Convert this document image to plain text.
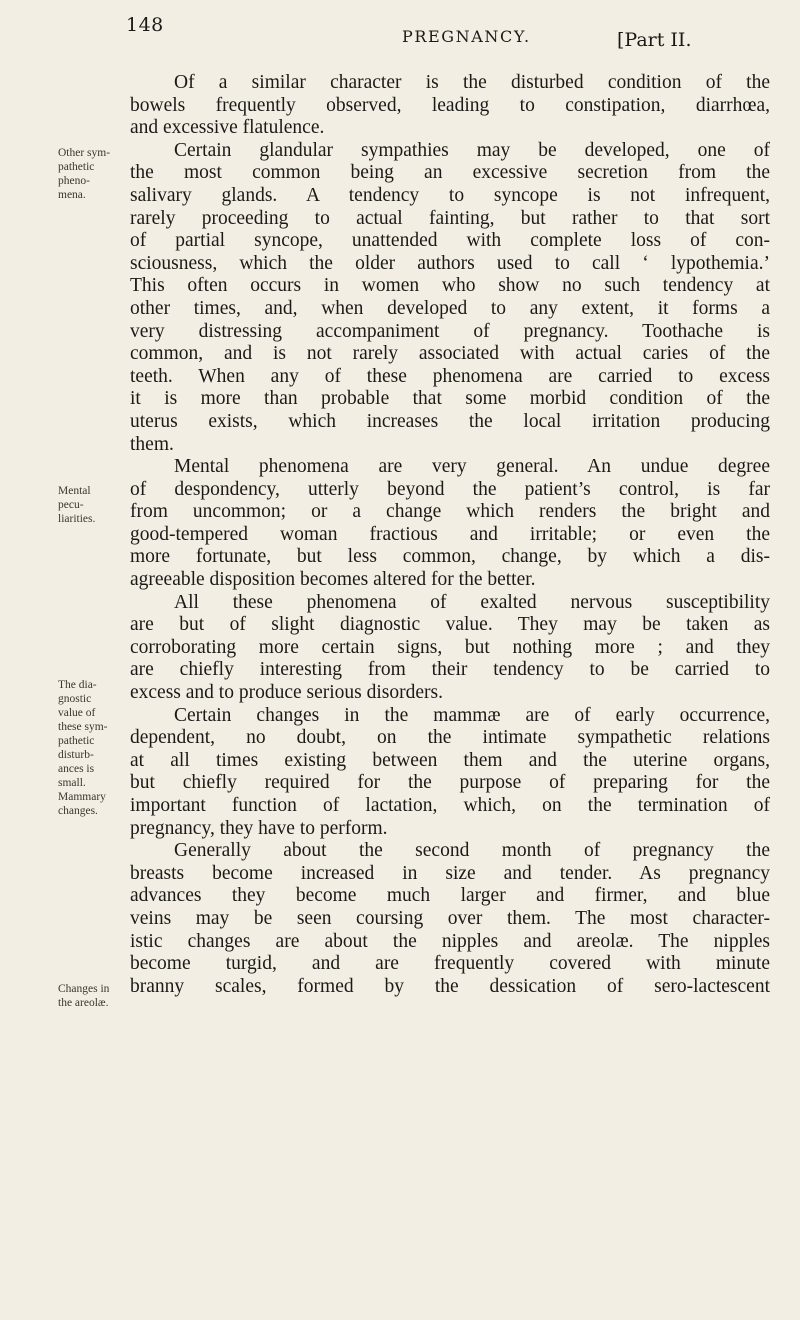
148
PREGNANCY.	[Part II.
Other sym-
pathetic
pheno-
mena.
Mental
pecu-
liarities.
The dia-
gnostic
value of
these sym-
pathetic
disturb-
ances is
small.
Mammary
changes.
Changes in
the areolæ.
Of a similar character is the disturbed condition of the
bowels frequently observed, leading to constipation, diarrhœa,
and excessive flatulence.
Certain glandular sympathies may be developed, one of
the most common being an excessive secretion from the
salivary glands. A tendency to syncope is not infrequent,
rarely proceeding to actual fainting, but rather to that sort
of partial syncope, unattended with complete loss of con-
sciousness, which the older authors used to call ‘ lypothemia.’
This often occurs in women who show no such tendency at
other times, and, when developed to any extent, it forms a
very distressing accompaniment of pregnancy. Toothache is
common, and is not rarely associated with actual caries of the
teeth. When any of these phenomena are carried to excess
it is more than probable that some morbid condition of the
uterus exists, which increases the local irritation producing
them.
Mental phenomena are very general. An undue degree
of despondency, utterly beyond the patient’s control, is far
from uncommon; or a change which renders the bright and
good-tempered woman fractious and irritable; or even the
more fortunate, but less common, change, by which a dis-
agreeable disposition becomes altered for the better.
All these phenomena of exalted nervous susceptibility
are but of slight diagnostic value. They may be taken as
corroborating more certain signs, but nothing more ; and they
are chiefly interesting from their tendency to be carried to
excess and to produce serious disorders.
Certain changes in the mammæ are of early occurrence,
dependent, no doubt, on the intimate sympathetic relations
at all times existing between them and the uterine organs,
but chiefly required for the purpose of preparing for the
important function of lactation, which, on the termination of
pregnancy, they have to perform.
Generally about the second month of pregnancy the
breasts become increased in size and tender. As pregnancy
advances they become much larger and firmer, and blue
veins may be seen coursing over them. The most character-
istic changes are about the nipples and areolæ. The nipples
become turgid, and are frequently covered with minute
branny scales, formed by the dessication of sero-lactescent
